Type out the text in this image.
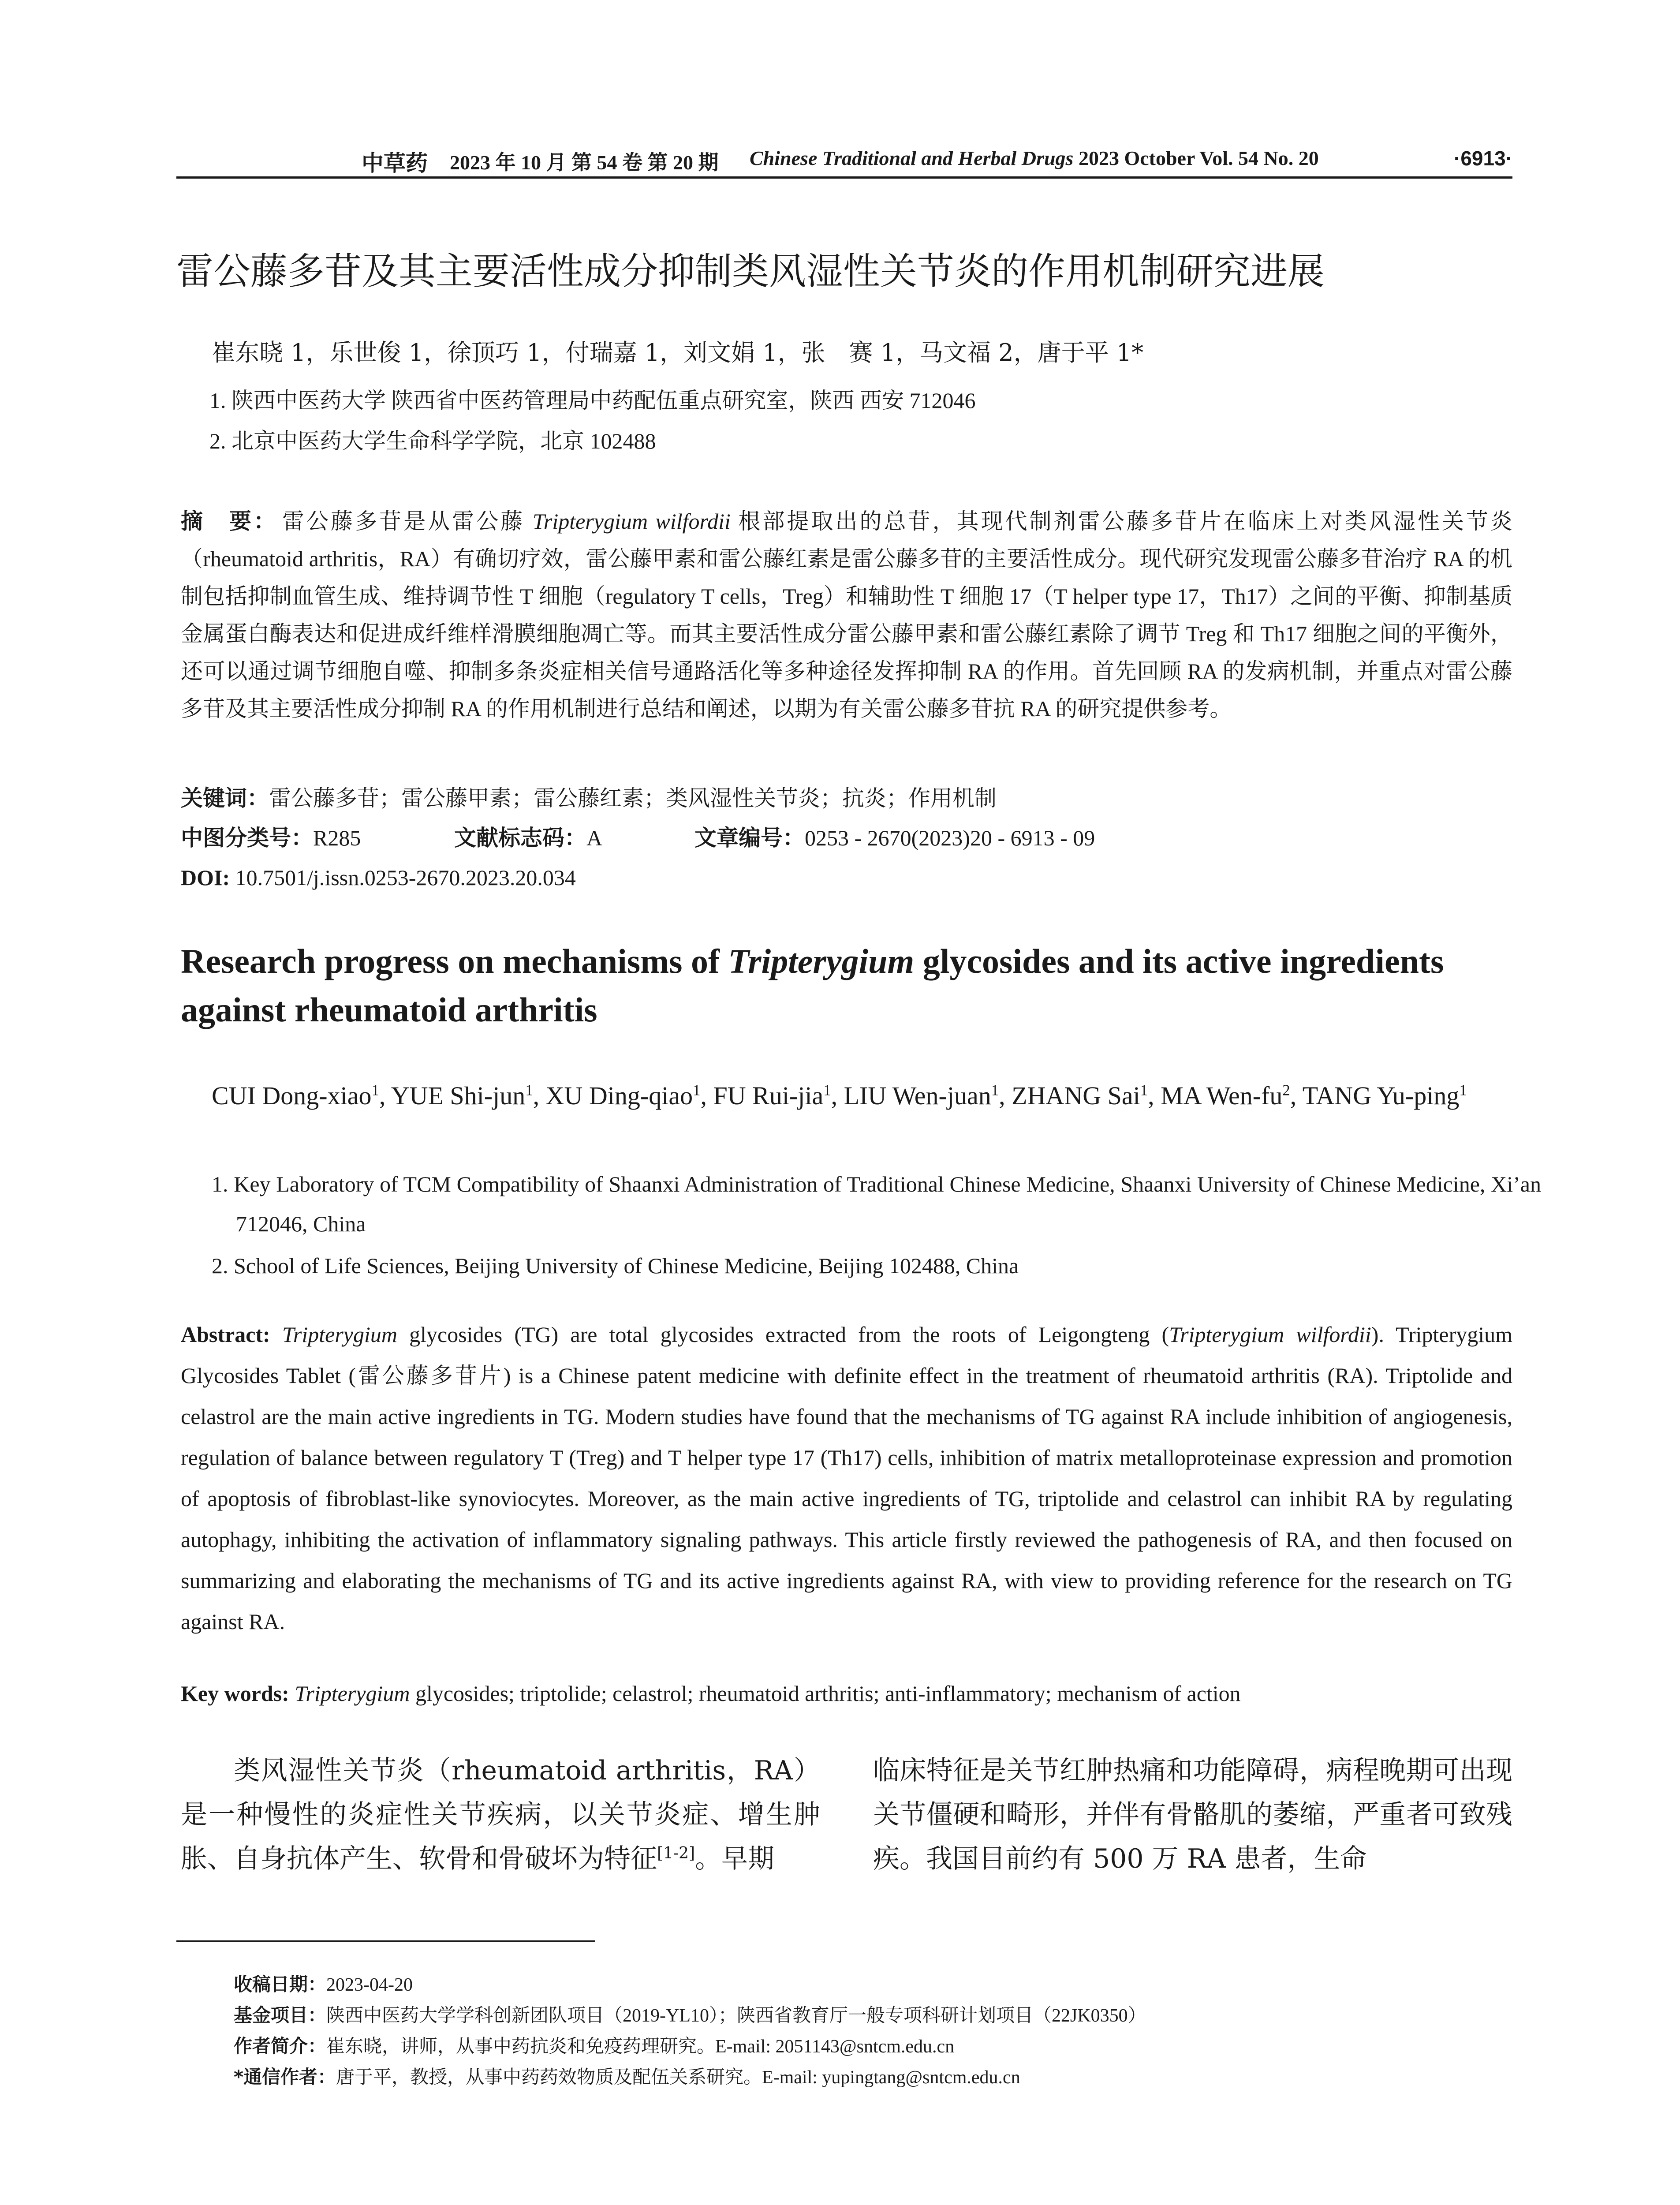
中草药 2023 年 10 月 第 54 卷 第 20 期 Chinese Traditional and Herbal Drugs 2023 October Vol. 54 No. 20	·6913·
雷公藤多苷及其主要活性成分抑制类风湿性关节炎的作用机制研究进展
崔东晓 1，乐世俊 1，徐顶巧 1，付瑞嘉 1，刘文娟 1，张　赛 1，马文福 2，唐于平 1*
1. 陕西中医药大学 陕西省中医药管理局中药配伍重点研究室，陕西 西安 712046
2. 北京中医药大学生命科学学院，北京 102488
摘　要： 雷公藤多苷是从雷公藤 Tripterygium wilfordii 根部提取出的总苷，其现代制剂雷公藤多苷片在临床上对类风湿性关节炎（rheumatoid arthritis，RA）有确切疗效，雷公藤甲素和雷公藤红素是雷公藤多苷的主要活性成分。现代研究发现雷公藤多苷治疗 RA 的机制包括抑制血管生成、维持调节性 T 细胞（regulatory T cells，Treg）和辅助性 T 细胞 17（T helper type 17，Th17）之间的平衡、抑制基质金属蛋白酶表达和促进成纤维样滑膜细胞凋亡等。而其主要活性成分雷公藤甲素和雷公藤红素除了调节 Treg 和 Th17 细胞之间的平衡外，还可以通过调节细胞自噬、抑制多条炎症相关信号通路活化等多种途径发挥抑制 RA 的作用。首先回顾 RA 的发病机制，并重点对雷公藤多苷及其主要活性成分抑制 RA 的作用机制进行总结和阐述，以期为有关雷公藤多苷抗 RA 的研究提供参考。
关键词：雷公藤多苷；雷公藤甲素；雷公藤红素；类风湿性关节炎；抗炎；作用机制
中图分类号：R285	文献标志码：A	文章编号：0253 - 2670(2023)20 - 6913 - 09
DOI: 10.7501/j.issn.0253-2670.2023.20.034
Research progress on mechanisms of Tripterygium glycosides and its active ingredients against rheumatoid arthritis
CUI Dong-xiao$^1$, YUE Shi-jun$^1$, XU Ding-qiao$^1$, FU Rui-jia$^1$, LIU Wen-juan$^1$, ZHANG Sai$^1$, MA Wen-$fu^2$, TANG Yu-ping$^1$
1. Key Laboratory of TCM Compatibility of Shaanxi Administration of Traditional Chinese Medicine, Shaanxi University of Chinese Medicine, Xi’an 712046, China
2. School of Life Sciences, Beijing University of Chinese Medicine, Beijing 102488, China
Abstract: Tripterygium glycosides (TG) are total glycosides extracted from the roots of Leigongteng (Tripterygium wilfordii). Tripterygium Glycosides Tablet (雷公藤多苷片) is a Chinese patent medicine with definite effect in the treatment of rheumatoid arthritis (RA). Triptolide and celastrol are the main active ingredients in TG. Modern studies have found that the mechanisms of TG against RA include inhibition of angiogenesis, regulation of balance between regulatory T (Treg) and T helper type 17 (Th17) cells, inhibition of matrix metalloproteinase expression and promotion of apoptosis of fibroblast-like synoviocytes. Moreover, as the main active ingredients of TG, triptolide and celastrol can inhibit RA by regulating autophagy, inhibiting the activation of inflammatory signaling pathways. This article firstly reviewed the pathogenesis of RA, and then focused on summarizing and elaborating the mechanisms of TG and its active ingredients against RA, with view to providing reference for the research on TG against RA.
Key words: Tripterygium glycosides; triptolide; celastrol; rheumatoid arthritis; anti-inflammatory; mechanism of action
类风湿性关节炎（rheumatoid arthritis，RA）是一种慢性的炎症性关节疾病，以关节炎症、增生肿胀、自身抗体产生、软骨和骨破坏为特征[1-2]。早期
临床特征是关节红肿热痛和功能障碍，病程晚期可出现关节僵硬和畸形，并伴有骨骼肌的萎缩，严重者可致残疾。我国目前约有 500 万 RA 患者，生命
收稿日期：2023-04-20
基金项目：陕西中医药大学学科创新团队项目（2019-YL10）；陕西省教育厅一般专项科研计划项目（22JK0350）
作者简介：崔东晓，讲师，从事中药抗炎和免疫药理研究。E-mail: 2051143@sntcm.edu.cn
*通信作者：唐于平，教授，从事中药药效物质及配伍关系研究。E-mail: yupingtang@sntcm.edu.cn
